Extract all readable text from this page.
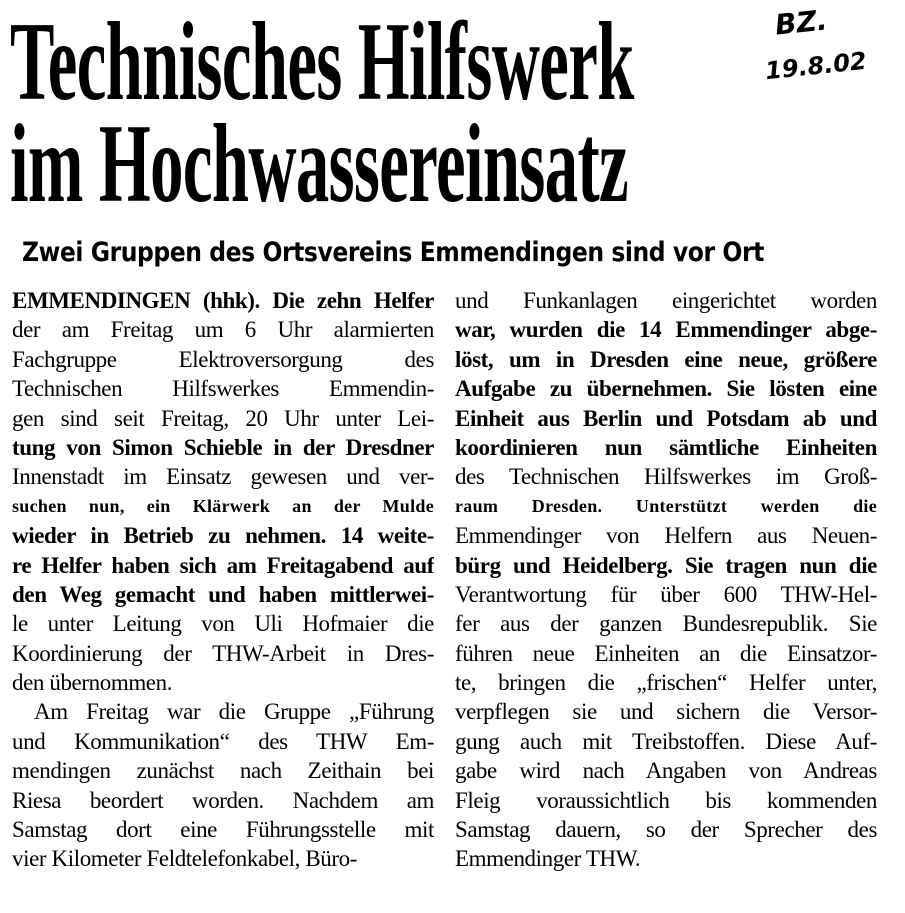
Technisches Hilfswerk
im Hochwassereinsatz
BZ.
19.8.02
Zwei Gruppen des Ortsvereins Emmendingen sind vor Ort
EMMENDINGEN (hhk). Die zehn Helfer
der am Freitag um 6 Uhr alarmierten
Fachgruppe Elektroversorgung des
Technischen Hilfswerkes Emmendin-
gen sind seit Freitag, 20 Uhr unter Lei-
tung von Simon Schieble in der Dresdner
Innenstadt im Einsatz gewesen und ver-
suchen nun, ein Klärwerk an der Mulde
wieder in Betrieb zu nehmen. 14 weite-
re Helfer haben sich am Freitagabend auf
den Weg gemacht und haben mittlerwei-
le unter Leitung von Uli Hofmaier die
Koordinierung der THW-Arbeit in Dres-
den übernommen.
Am Freitag war die Gruppe „Führung
und Kommunikation“ des THW Em-
mendingen zunächst nach Zeithain bei
Riesa beordert worden. Nachdem am
Samstag dort eine Führungsstelle mit
vier Kilometer Feldtelefonkabel, Büro-
und Funkanlagen eingerichtet worden
war, wurden die 14 Emmendinger abge-
löst, um in Dresden eine neue, größere
Aufgabe zu übernehmen. Sie lösten eine
Einheit aus Berlin und Potsdam ab und
koordinieren nun sämtliche Einheiten
des Technischen Hilfswerkes im Groß-
raum Dresden. Unterstützt werden die
Emmendinger von Helfern aus Neuen-
bürg und Heidelberg. Sie tragen nun die
Verantwortung für über 600 THW-Hel-
fer aus der ganzen Bundesrepublik. Sie
führen neue Einheiten an die Einsatzor-
te, bringen die „frischen“ Helfer unter,
verpflegen sie und sichern die Versor-
gung auch mit Treibstoffen. Diese Auf-
gabe wird nach Angaben von Andreas
Fleig voraussichtlich bis kommenden
Samstag dauern, so der Sprecher des
Emmendinger THW.
